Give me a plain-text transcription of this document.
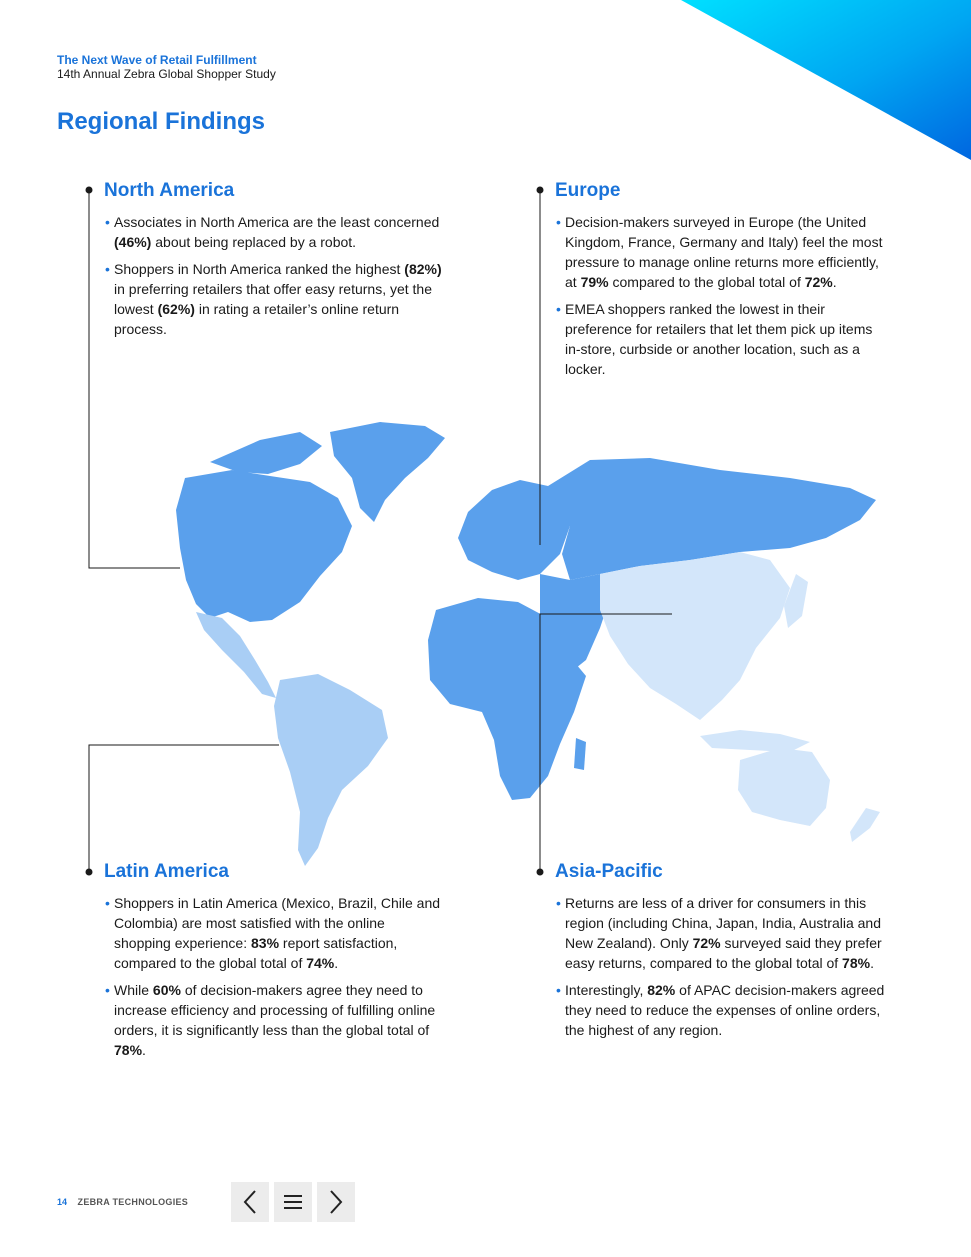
The Next Wave of Retail Fulfillment
14th Annual Zebra Global Shopper Study
Regional Findings
North America
• Associates in North America are the least concerned (46%) about being replaced by a robot.
• Shoppers in North America ranked the highest (82%) in preferring retailers that offer easy returns, yet the lowest (62%) in rating a retailer’s online return process.
Europe
• Decision-makers surveyed in Europe (the United Kingdom, France, Germany and Italy) feel the most pressure to manage online returns more efficiently, at 79% compared to the global total of 72%.
• EMEA shoppers ranked the lowest in their preference for retailers that let them pick up items in-store, curbside or another location, such as a locker.
Latin America
• Shoppers in Latin America (Mexico, Brazil, Chile and Colombia) are most satisfied with the online shopping experience: 83% report satisfaction, compared to the global total of 74%.
• While 60% of decision-makers agree they need to increase efficiency and processing of fulfilling online orders, it is significantly less than the global total of 78%.
Asia-Pacific
• Returns are less of a driver for consumers in this region (including China, Japan, India, Australia and New Zealand). Only 72% surveyed said they prefer easy returns, compared to the global total of 78%.
• Interestingly, 82% of APAC decision-makers agreed they need to reduce the expenses of online orders, the highest of any region.
14 ZEBRA TECHNOLOGIES
